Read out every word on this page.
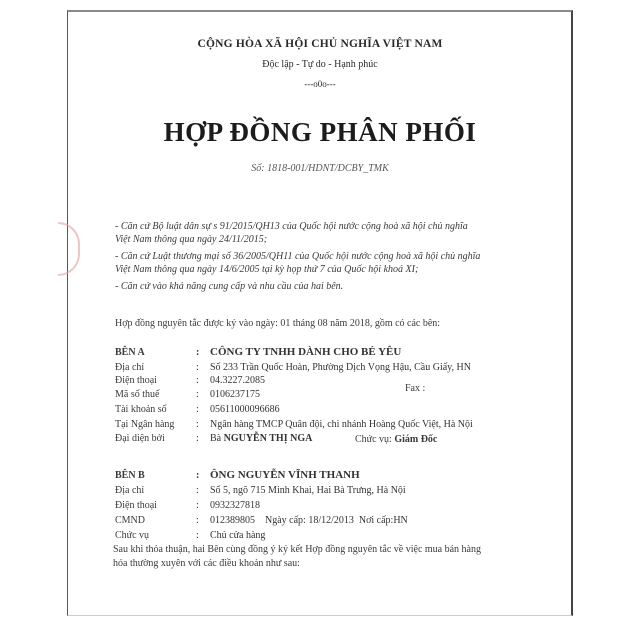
CỘNG HÒA XÃ HỘI CHỦ NGHĨA VIỆT NAM
Độc lập - Tự do - Hạnh phúc
---o0o---
HỢP ĐỒNG PHÂN PHỐI
Số: 1818-001/HDNT/DCBY_TMK
- Căn cứ Bộ luật dân sự s 91/2015/QH13 của Quốc hội nước cộng hoà xã hội chủ nghĩa
Việt Nam thông qua ngày 24/11/2015;
- Căn cứ Luật thương mại số 36/2005/QH11 của Quốc hội nước cộng hoà xã hội chủ nghĩa
Việt Nam thông qua ngày 14/6/2005 tại kỳ họp thứ 7 của Quốc hội khoá XI;
- Căn cứ vào khả năng cung cấp và nhu cầu của hai bên.
Hợp đồng nguyên tắc được ký vào ngày: 01 tháng 08 năm 2018, gồm có các bên:
BÊN A	: CÔNG TY TNHH DÀNH CHO BÉ YÊU
Địa chỉ	: Số 233 Trần Quốc Hoàn, Phường Dịch Vọng Hậu, Cầu Giấy, HN
Điện thoại	: 04.3227.2085
Fax :
Mã số thuế	: 0106237175
Tài khoản số	: 05611000096686
Tại Ngân hàng : Ngân hàng TMCP Quân đội, chi nhánh Hoàng Quốc Việt, Hà Nội
Đại diện bởi	: Bà NGUYỄN THỊ NGA	Chức vụ: Giám Đốc
BÊN B	: ÔNG NGUYỄN VĨNH THANH
Địa chỉ	: Số 5, ngõ 715 Minh Khai, Hai Bà Trưng, Hà Nội
Điện thoại	: 0932327818
CMND	: 012389805    Ngày cấp: 18/12/2013  Nơi cấp:HN
Chức vụ	: Chủ cửa hàng
Sau khi thỏa thuận, hai Bên cùng đồng ý ký kết Hợp đồng nguyên tắc về việc mua bán hàng
hóa thường xuyên với các điều khoản như sau:
